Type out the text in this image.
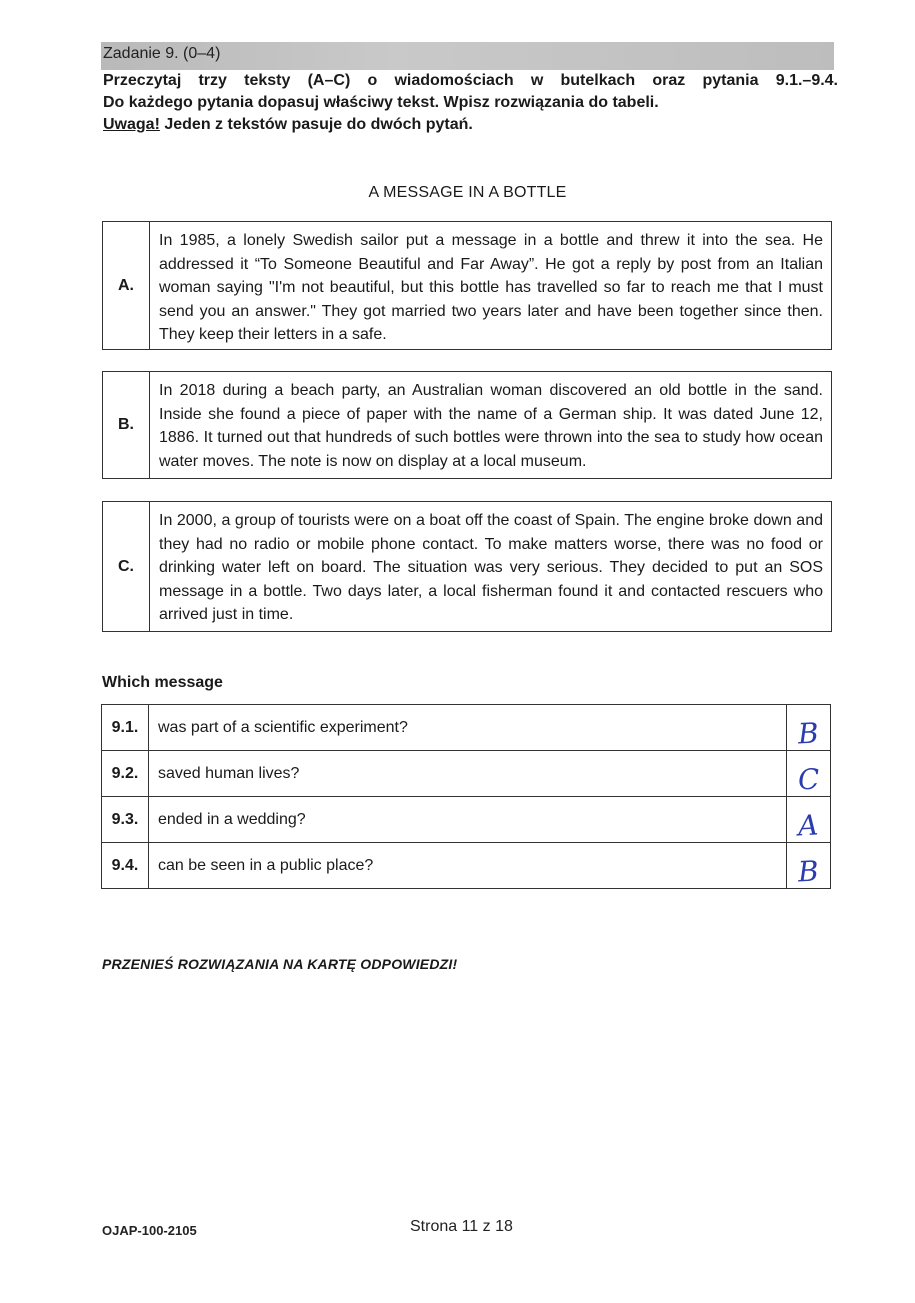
Zadanie 9. (0–4)

Przeczytaj trzy teksty (A–C) o wiadomościach w butelkach oraz pytania 9.1.–9.4.

Do każdego pytania dopasuj właściwy tekst. Wpisz rozwiązania do tabeli.

Uwaga! Jeden z tekstów pasuje do dwóch pytań.

A MESSAGE IN A BOTTLE
A.
In 1985, a lonely Swedish sailor put a message in a bottle and threw it into the sea. He addressed it “To Someone Beautiful and Far Away”. He got a reply by post from an Italian woman saying "I'm not beautiful, but this bottle has travelled so far to reach me that I must send you an answer." They got married two years later and have been together since then. They keep their letters in a safe.
B.
In 2018 during a beach party, an Australian woman discovered an old bottle in the sand. Inside she found a piece of paper with the name of a German ship. It was dated June 12, 1886. It turned out that hundreds of such bottles were thrown into the sea to study how ocean water moves. The note is now on display at a local museum.
C.
In 2000, a group of tourists were on a boat off the coast of Spain. The engine broke down and they had no radio or mobile phone contact. To make matters worse, there was no food or drinking water left on board. The situation was very serious. They decided to put an SOS message in a bottle. Two days later, a local fisherman found it and contacted rescuers who arrived just in time.
Which message
9.1.	was part of a scientific experiment?	B
9.2.	saved human lives?	C
9.3.	ended in a wedding?	A
9.4.	can be seen in a public place?	B
PRZENIEŚ ROZWIĄZANIA NA KARTĘ ODPOWIEDZI!
OJAP-100-2105	Strona 11 z 18
